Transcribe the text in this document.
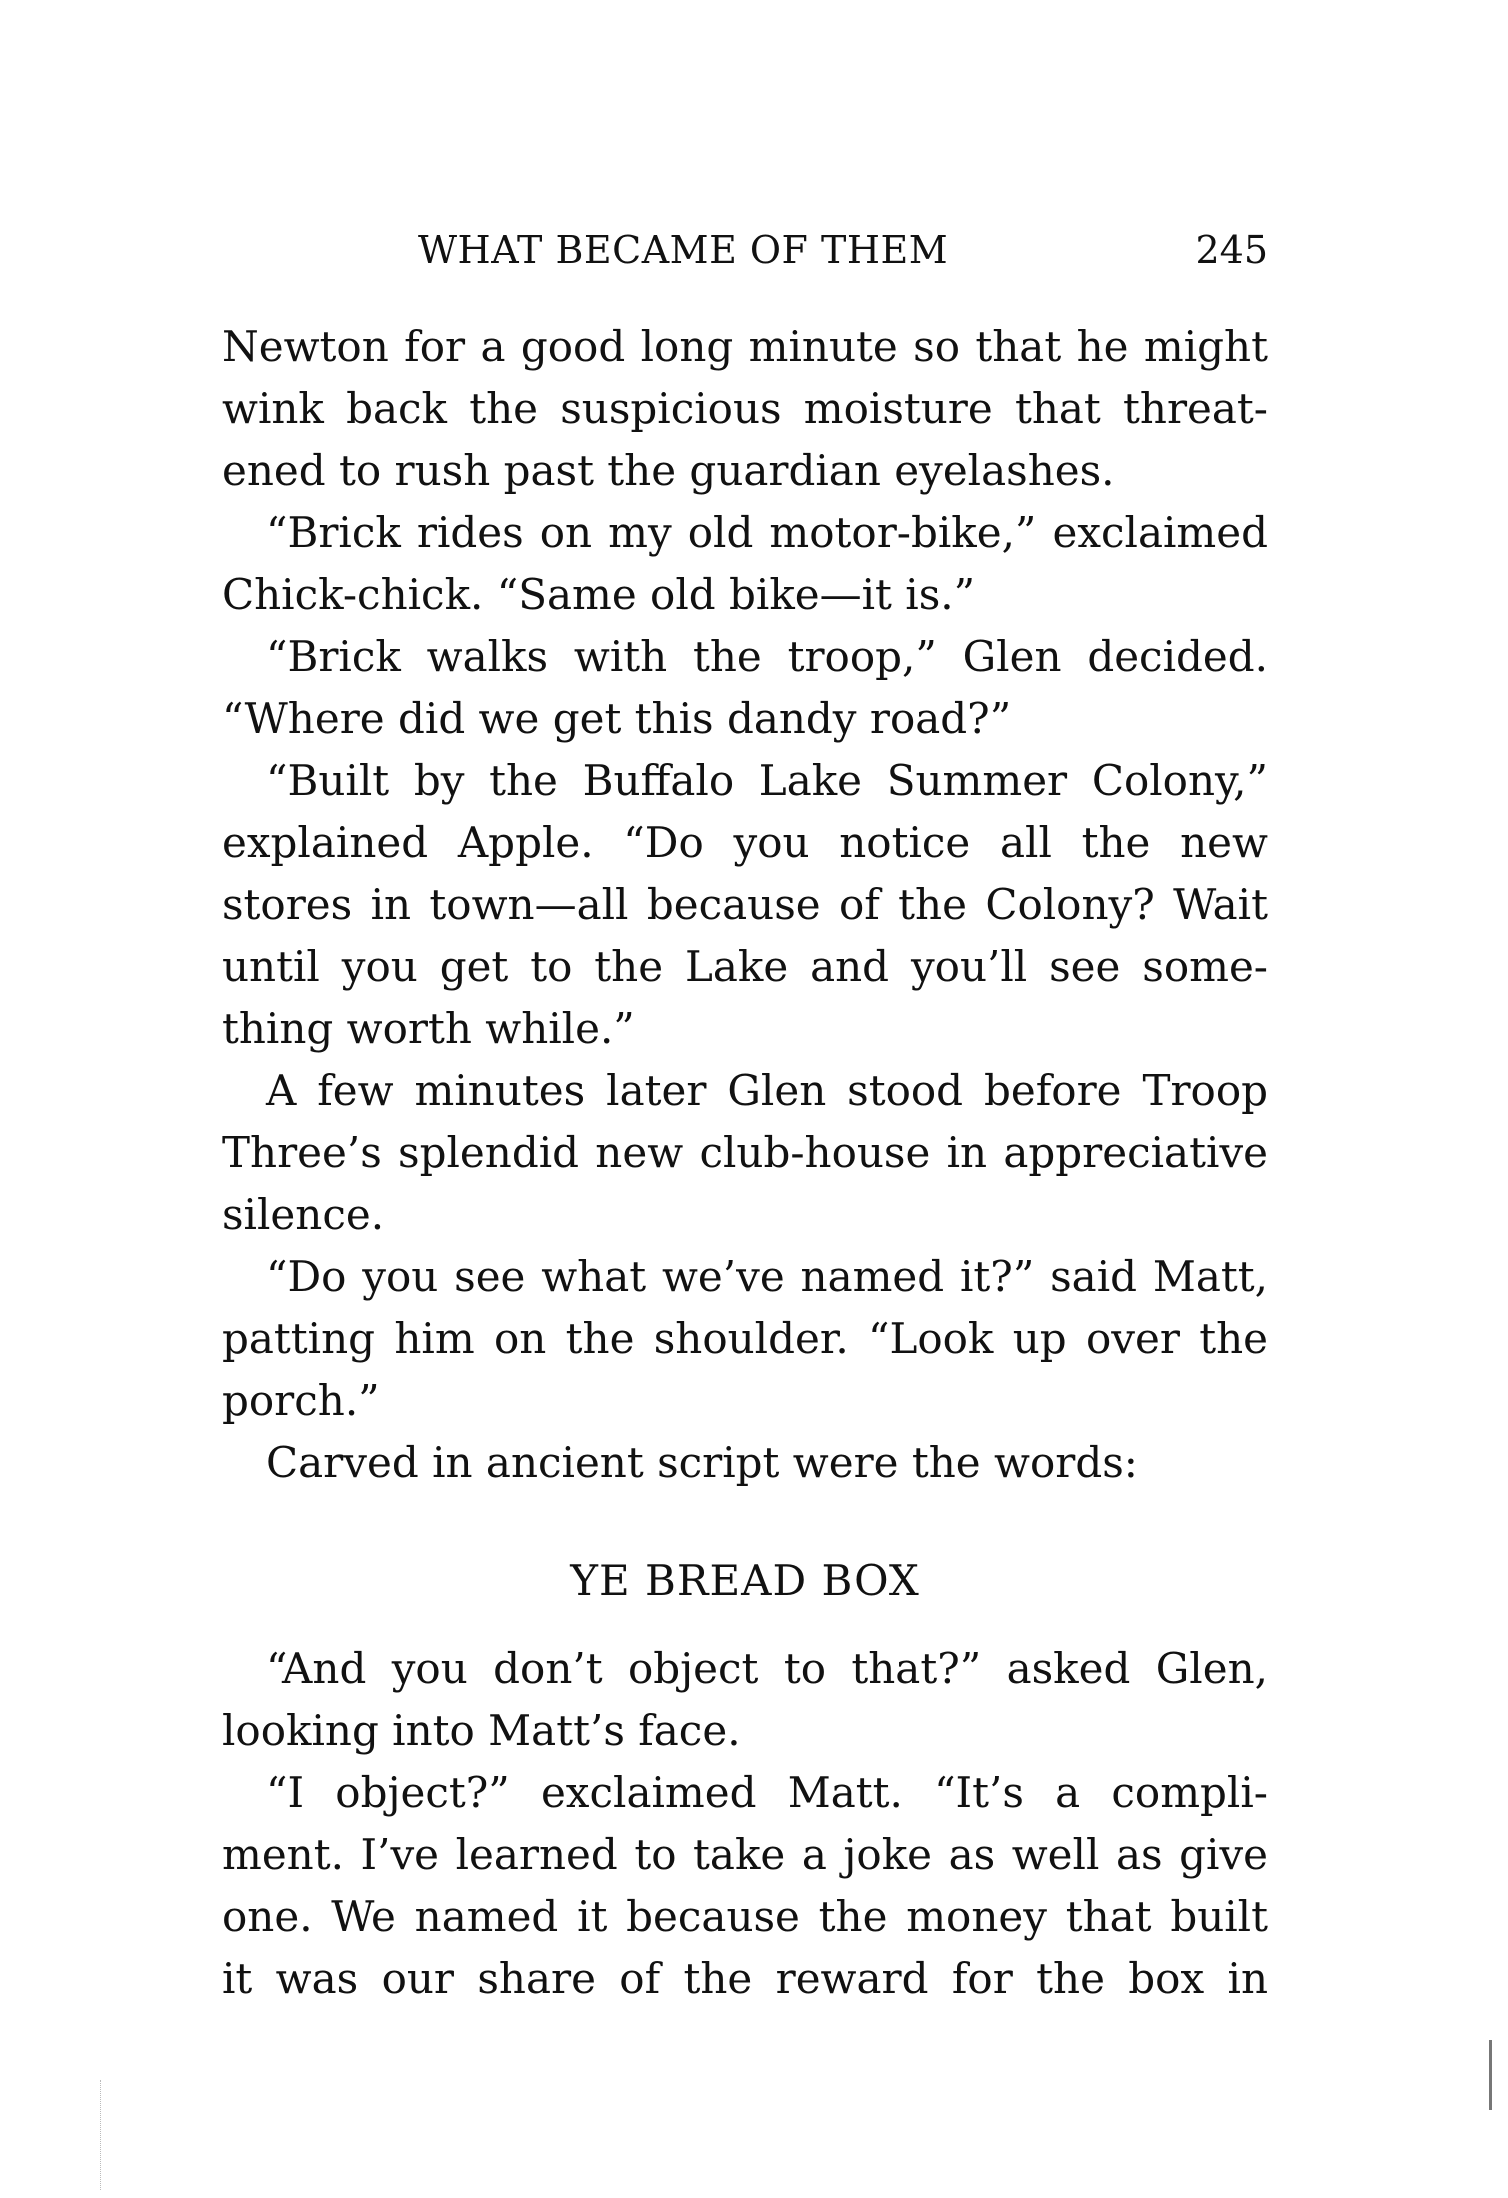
WHAT BECAME OF THEM	245
Newton for a good long minute so that he might
wink back the suspicious moisture that threat-
ened to rush past the guardian eyelashes.
“Brick rides on my old motor-bike,” exclaimed
Chick-chick. “Same old bike—it is.”
“Brick walks with the troop,” Glen decided.
“Where did we get this dandy road?”
“Built by the Buffalo Lake Summer Colony,”
explained Apple. “Do you notice all the new
stores in town—all because of the Colony? Wait
until you get to the Lake and you’ll see some-
thing worth while.”
A few minutes later Glen stood before Troop
Three’s splendid new club-house in appreciative
silence.
“Do you see what we’ve named it?” said Matt,
patting him on the shoulder. “Look up over the
porch.”
Carved in ancient script were the words:
YE BREAD BOX
“And you don’t object to that?” asked Glen,
looking into Matt’s face.
“I object?” exclaimed Matt. “It’s a compli-
ment. I’ve learned to take a joke as well as give
one. We named it because the money that built
it was our share of the reward for the box in
